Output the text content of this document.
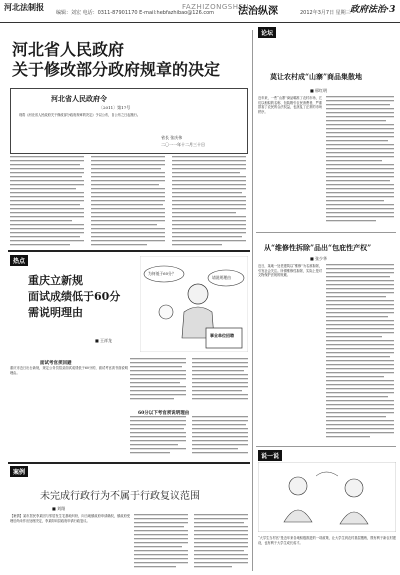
河北法制报
编辑：刘宏 电话：0311-87901170 E-mail:hebfazhibao@126.com
FAZHIZONGSHEN
法治纵深	2012年3月7日 星期三 政府法治·3
河北省人民政府
关于修改部分政府规章的决定
河北省人民政府令
〔2011〕第17号
现将《河北省人民政府关于修改部分政府规章的决定》予以公布，自公布之日起施行。
省长 张庆伟
二〇一一年十二月三十日
热点
重庆立新规
面试成绩低于60分
需说明理由
■ 王祥龙
面试考官须回避
60分以下考官须说明理由
为何低于60分？
请说明理由
事业单位招聘
重庆市近日出台新规，规定公务员招录面试成绩低于60分的，面试考官须书面说明理由。
案例
未完成行政行为不属于行政复议范围
■ 刘翔
【案情】某市居民李某因与邻居发生宅基地纠纷，向当地镇政府申请确权，镇政府受理后尚未作出处理决定，李某即向县政府申请行政复议。
论坛
莫让农村成“山寨”商品集散地
■ 邢红明
近年来，一些“山寨”商品瞄准了农村市场，它们以相似的名称、包装吸引农民消费者，严重损害了农民的合法权益，也扰乱了正常的市场秩序。
从“维修性拆除”品出“包庇性产权”
■ 张少华
近日，某地一处老建筑以“维修”为名被拆除，引发社会关注。所谓维修性拆除，实际上是对文物保护法规的规避。
说一说
“大学生当村官”是近年来各地积极推进的一项政策，让大学生到农村基层锻炼，既有利于新农村建设，也有利于大学生成长成才。
